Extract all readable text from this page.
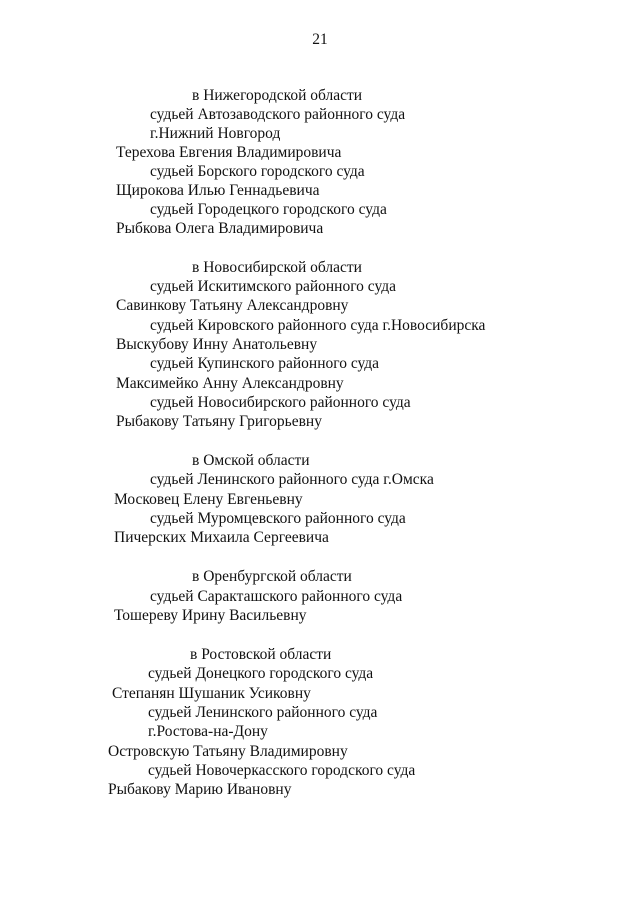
21
в Нижегородской области
судьей Автозаводского районного суда
г.Нижний Новгород
Терехова Евгения Владимировича
судьей Борского городского суда
Щирокова Илью Геннадьевича
судьей Городецкого городского суда
Рыбкова Олега Владимировича
в Новосибирской области
судьей Искитимского районного суда
Савинкову Татьяну Александровну
судьей Кировского районного суда г.Новосибирска
Выскубову Инну Анатольевну
судьей Купинского районного суда
Максимейко Анну Александровну
судьей Новосибирского районного суда
Рыбакову Татьяну Григорьевну
в Омской области
судьей Ленинского районного суда г.Омска
Московец Елену Евгеньевну
судьей Муромцевского районного суда
Пичерских Михаила Сергеевича
в Оренбургской области
судьей Саракташского районного суда
Тошереву Ирину Васильевну
в Ростовской области
судьей Донецкого городского суда
Степанян Шушаник Усиковну
судьей Ленинского районного суда
г.Ростова-на-Дону
Островскую Татьяну Владимировну
судьей Новочеркасского городского суда
Рыбакову Марию Ивановну
